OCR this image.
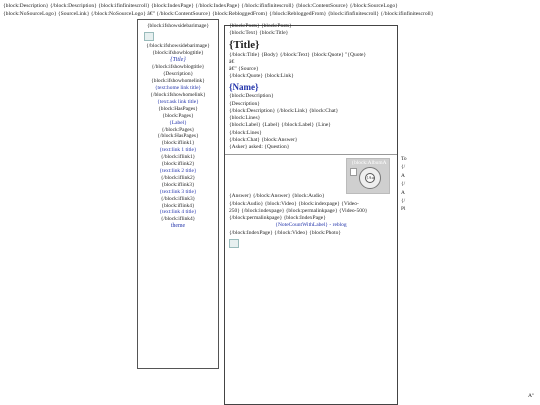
{block:Description} {/block:Description} {block:ifinfinitescroll} {block:IndexPage} {/block:IndexPage} {/block:ifinfinitescroll} {block:ContentSource} {/block:SourceLogo}
{block:NoSourceLogo} {SourceLink} {/block:NoSourceLogo} â€” {/block:ContentSource} {block:RebloggedFrom} {/block:RebloggedFrom} {block:ifinfinitescroll} {/block:ifinfinitescroll}
{block:ifshowsidebarimage}
{/block:ifshowsidebarimage}
{block:ifshowblogtitle}
{Title}
{/block:ifshowblogtitle}
{Description}
{block:ifshowhomelink}
{text:home link title}
{/block:ifshowhomelink}
{text:ask link title}
{block:HasPages}
{block:Pages}
{Label}
{/block:Pages}
{/block:HasPages}
{block:iflink1}
{text:link 1 title}
{/block:iflink1}
{block:iflink2}
{text:link 2 title}
{/block:iflink2}
{block:iflink3}
{text:link 3 title}
{/block:iflink3}
{block:iflink4}
{text:link 4 title}
{/block:iflink4}
theme
{block:Posts} {block:Posts}
{block:Text} {block:Title}
{Title}
{/block:Title} {Body} {/block:Text} {block:Quote} "{Quote}
â€
â€” {Source}
{/block:Quote} {block:Link}
{Name}
{block:Description}
{Description}
{/block:Description} {/block:Link} {block:Chat}
{block:Lines}
{block:Label} {Label} {/block:Label} {Line}
{/block:Lines}
{/block:Chat} {block:Answer}
{Asker} asked: {Question}
{Answer} {/block:Answer} {block:Audio}
{/block:Audio} {block:Video} {block:indexpage} {Video-
250} {/block:indexpage} {block:permalinkpage} {Video-500}
{/block:permalinkpage} {block:IndexPage}
{NoteCountWithLabel} - reblog
{/block:IndexPage} {/block:Video} {block:Photo}
{block:AlbumA
{Au
To
{/
A
{/
A
{/
Pl
Aº
